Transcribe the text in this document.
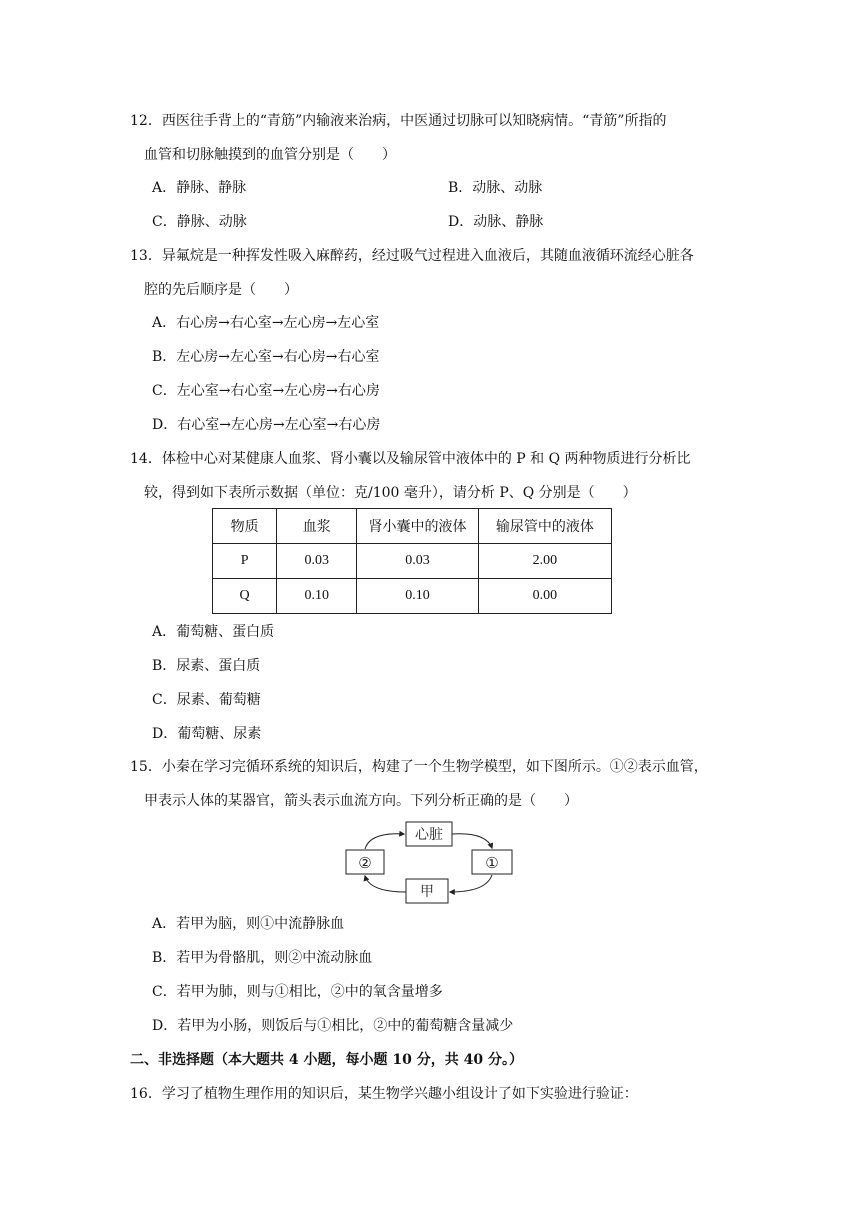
12．西医往手背上的“青筋”内输液来治病，中医通过切脉可以知晓病情。“青筋”所指的
血管和切脉触摸到的血管分别是（　　）
A．静脉、静脉	B．动脉、动脉
C．静脉、动脉	D．动脉、静脉
13．异氟烷是一种挥发性吸入麻醉药，经过吸气过程进入血液后，其随血液循环流经心脏各
腔的先后顺序是（　　）
A．右心房→右心室→左心房→左心室
B．左心房→左心室→右心房→右心室
C．左心室→右心室→左心房→右心房
D．右心室→左心房→左心室→右心房
14．体检中心对某健康人血浆、肾小囊以及输尿管中液体中的 P 和 Q 两种物质进行分析比
较，得到如下表所示数据（单位：克/100 毫升），请分析 P、Q 分别是（　　）
物质	血浆	肾小囊中的液体	输尿管中的液体
P	0.03	0.03	2.00
Q	0.10	0.10	0.00
A．葡萄糖、蛋白质
B．尿素、蛋白质
C．尿素、葡萄糖
D．葡萄糖、尿素
15．小秦在学习完循环系统的知识后，构建了一个生物学模型，如下图所示。①②表示血管，
甲表示人体的某器官，箭头表示血流方向。下列分析正确的是（　　）
心脏
②	①
甲
A．若甲为脑，则①中流静脉血
B．若甲为骨骼肌，则②中流动脉血
C．若甲为肺，则与①相比，②中的氧含量增多
D．若甲为小肠，则饭后与①相比，②中的葡萄糖含量减少
二、非选择题（本大题共 4 小题，每小题 10 分，共 40 分。）
16．学习了植物生理作用的知识后，某生物学兴趣小组设计了如下实验进行验证：
